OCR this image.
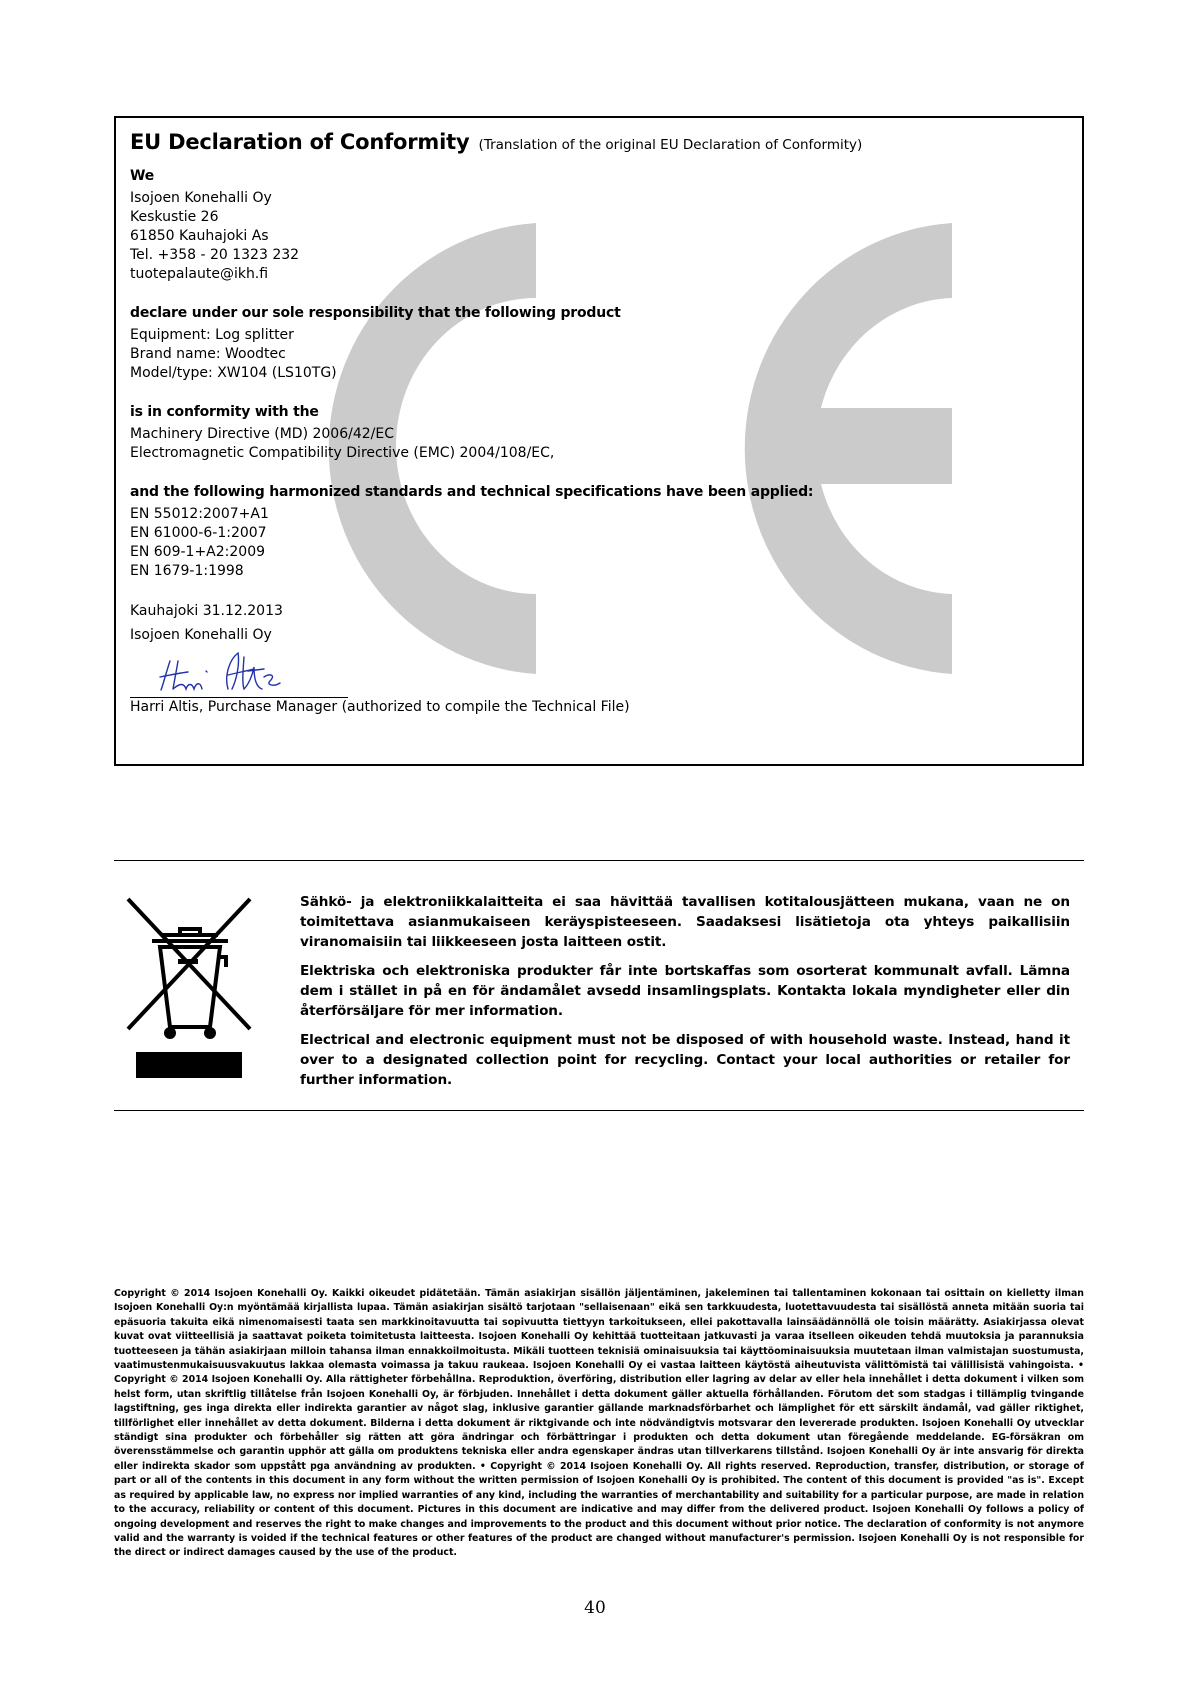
EU Declaration of Conformity (Translation of the original EU Declaration of Conformity)

We

Isojoen Konehalli Oy

Keskustie 26

61850 Kauhajoki As

Tel. +358 - 20 1323 232

tuotepalaute@ikh.fi

declare under our sole responsibility that the following product

Equipment: Log splitter

Brand name: Woodtec

Model/type: XW104 (LS10TG)

is in conformity with the

Machinery Directive (MD) 2006/42/EC

Electromagnetic Compatibility Directive (EMC) 2004/108/EC,

and the following harmonized standards and technical specifications have been applied:

EN 55012:2007+A1

EN 61000-6-1:2007

EN 609-1+A2:2009

EN 1679-1:1998

Kauhajoki 31.12.2013

Isojoen Konehalli Oy

Harri Altis, Purchase Manager (authorized to compile the Technical File)

Sähkö- ja elektroniikkalaitteita ei saa hävittää tavallisen kotitalousjätteen mukana, vaan ne on toimitettava asianmukaiseen keräyspisteeseen. Saadaksesi lisätietoja ota yhteys paikallisiin viranomaisiin tai liikkeeseen josta laitteen ostit.

Elektriska och elektroniska produkter får inte bortskaffas som osorterat kommunalt avfall. Lämna dem i stället in på en för ändamålet avsedd insamlingsplats. Kontakta lokala myndigheter eller din återförsäljare för mer information.

Electrical and electronic equipment must not be disposed of with household waste. Instead, hand it over to a designated collection point for recycling. Contact your local authorities or retailer for further information.

Copyright © 2014 Isojoen Konehalli Oy. Kaikki oikeudet pidätetään. Tämän asiakirjan sisällön jäljentäminen, jakeleminen tai tallentaminen kokonaan tai osittain on kielletty ilman Isojoen Konehalli Oy:n myöntämää kirjallista lupaa. Tämän asiakirjan sisältö tarjotaan "sellaisenaan" eikä sen tarkkuudesta, luotettavuudesta tai sisällöstä anneta mitään suoria tai epäsuoria takuita eikä nimenomaisesti taata sen markkinoitavuutta tai sopivuutta tiettyyn tarkoitukseen, ellei pakottavalla lainsäädännöllä ole toisin määrätty. Asiakirjassa olevat kuvat ovat viitteellisiä ja saattavat poiketa toimitetusta laitteesta. Isojoen Konehalli Oy kehittää tuotteitaan jatkuvasti ja varaa itselleen oikeuden tehdä muutoksia ja parannuksia tuotteeseen ja tähän asiakirjaan milloin tahansa ilman ennakkoilmoitusta. Mikäli tuotteen teknisiä ominaisuuksia tai käyttöominaisuuksia muutetaan ilman valmistajan suostumusta, vaatimustenmukaisuusvakuutus lakkaa olemasta voimassa ja takuu raukeaa. Isojoen Konehalli Oy ei vastaa laitteen käytöstä aiheutuvista välittömistä tai välillisistä vahingoista. • Copyright © 2014 Isojoen Konehalli Oy. Alla rättigheter förbehållna. Reproduktion, överföring, distribution eller lagring av delar av eller hela innehållet i detta dokument i vilken som helst form, utan skriftlig tillåtelse från Isojoen Konehalli Oy, är förbjuden. Innehållet i detta dokument gäller aktuella förhållanden. Förutom det som stadgas i tillämplig tvingande lagstiftning, ges inga direkta eller indirekta garantier av något slag, inklusive garantier gällande marknadsförbarhet och lämplighet för ett särskilt ändamål, vad gäller riktighet, tillförlighet eller innehållet av detta dokument. Bilderna i detta dokument är riktgivande och inte nödvändigtvis motsvarar den levererade produkten. Isojoen Konehalli Oy utvecklar ständigt sina produkter och förbehåller sig rätten att göra ändringar och förbättringar i produkten och detta dokument utan föregående meddelande. EG-försäkran om överensstämmelse och garantin upphör att gälla om produktens tekniska eller andra egenskaper ändras utan tillverkarens tillstånd. Isojoen Konehalli Oy är inte ansvarig för direkta eller indirekta skador som uppstått pga användning av produkten. • Copyright © 2014 Isojoen Konehalli Oy. All rights reserved. Reproduction, transfer, distribution, or storage of part or all of the contents in this document in any form without the written permission of Isojoen Konehalli Oy is prohibited. The content of this document is provided "as is". Except as required by applicable law, no express nor implied warranties of any kind, including the warranties of merchantability and suitability for a particular purpose, are made in relation to the accuracy, reliability or content of this document. Pictures in this document are indicative and may differ from the delivered product. Isojoen Konehalli Oy follows a policy of ongoing development and reserves the right to make changes and improvements to the product and this document without prior notice. The declaration of conformity is not anymore valid and the warranty is voided if the technical features or other features of the product are changed without manufacturer's permission. Isojoen Konehalli Oy is not responsible for the direct or indirect damages caused by the use of the product.

40
